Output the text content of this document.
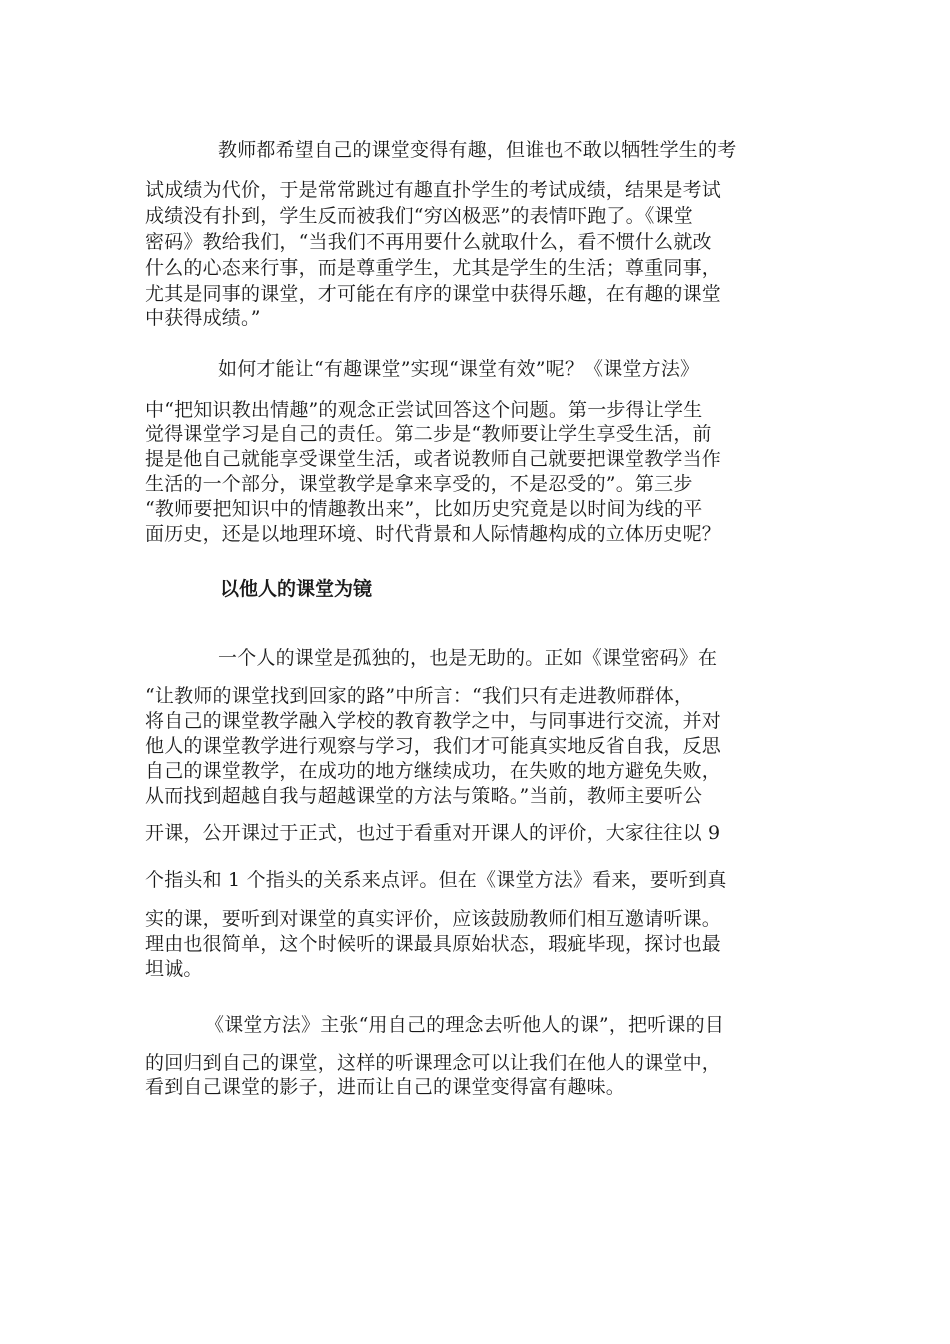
教师都希望自己的课堂变得有趣，但谁也不敢以牺牲学生的考
试成绩为代价，于是常常跳过有趣直扑学生的考试成绩，结果是考试
成绩没有扑到，学生反而被我们“穷凶极恶”的表情吓跑了。《课堂
密码》教给我们，“当我们不再用要什么就取什么，看不惯什么就改
什么的心态来行事，而是尊重学生，尤其是学生的生活；尊重同事，
尤其是同事的课堂，才可能在有序的课堂中获得乐趣，在有趣的课堂
中获得成绩。”
如何才能让“有趣课堂”实现“课堂有效”呢？《课堂方法》
中“把知识教出情趣”的观念正尝试回答这个问题。第一步得让学生
觉得课堂学习是自己的责任。第二步是“教师要让学生享受生活，前
提是他自己就能享受课堂生活，或者说教师自己就要把课堂教学当作
生活的一个部分，课堂教学是拿来享受的，不是忍受的”。第三步
“教师要把知识中的情趣教出来”，比如历史究竟是以时间为线的平
面历史，还是以地理环境、时代背景和人际情趣构成的立体历史呢？
以他人的课堂为镜
一个人的课堂是孤独的，也是无助的。正如《课堂密码》在
“让教师的课堂找到回家的路”中所言：“我们只有走进教师群体，
将自己的课堂教学融入学校的教育教学之中，与同事进行交流，并对
他人的课堂教学进行观察与学习，我们才可能真实地反省自我，反思
自己的课堂教学，在成功的地方继续成功，在失败的地方避免失败，
从而找到超越自我与超越课堂的方法与策略。”当前，教师主要听公
开课，公开课过于正式，也过于看重对开课人的评价，大家往往以 9
个指头和 1 个指头的关系来点评。但在《课堂方法》看来，要听到真
实的课，要听到对课堂的真实评价，应该鼓励教师们相互邀请听课。
理由也很简单，这个时候听的课最具原始状态，瑕疵毕现，探讨也最
坦诚。
《课堂方法》主张“用自己的理念去听他人的课”，把听课的目
的回归到自己的课堂，这样的听课理念可以让我们在他人的课堂中，
看到自己课堂的影子，进而让自己的课堂变得富有趣味。
